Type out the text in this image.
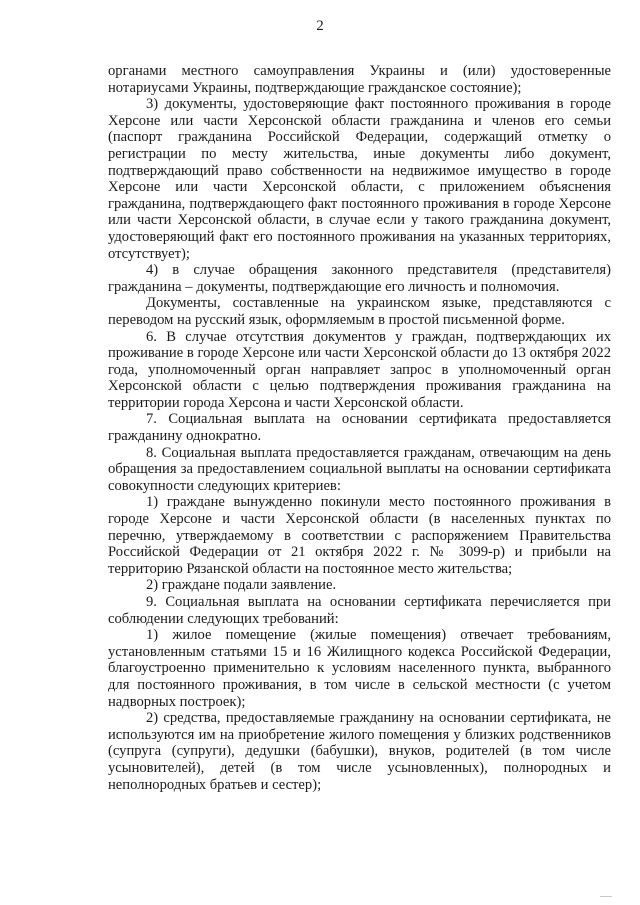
2

органами местного самоуправления Украины и (или) удостоверенные нотариусами Украины, подтверждающие гражданское состояние);

3) документы, удостоверяющие факт постоянного проживания в городе Херсоне или части Херсонской области гражданина и членов его семьи (паспорт гражданина Российской Федерации, содержащий отметку о регистрации по месту жительства, иные документы либо документ, подтверждающий право собственности на недвижимое имущество в городе Херсоне или части Херсонской области, с приложением объяснения гражданина, подтверждающего факт постоянного проживания в городе Херсоне или части Херсонской области, в случае если у такого гражданина документ, удостоверяющий факт его постоянного проживания на указанных территориях, отсутствует);

4) в случае обращения законного представителя (представителя) гражданина – документы, подтверждающие его личность и полномочия.

Документы, составленные на украинском языке, представляются с переводом на русский язык, оформляемым в простой письменной форме.

6. В случае отсутствия документов у граждан, подтверждающих их проживание в городе Херсоне или части Херсонской области до 13 октября 2022 года, уполномоченный орган направляет запрос в уполномоченный орган Херсонской области с целью подтверждения проживания гражданина на территории города Херсона и части Херсонской области.

7. Социальная выплата на основании сертификата предоставляется гражданину однократно.

8. Социальная выплата предоставляется гражданам, отвечающим на день обращения за предоставлением социальной выплаты на основании сертификата совокупности следующих критериев:

1) граждане вынужденно покинули место постоянного проживания в городе Херсоне и части Херсонской области (в населенных пунктах по перечню, утверждаемому в соответствии с распоряжением Правительства Российской Федерации от 21 октября 2022 г. № 3099-р) и прибыли на территорию Рязанской области на постоянное место жительства;

2) граждане подали заявление.

9. Социальная выплата на основании сертификата перечисляется при соблюдении следующих требований:

1) жилое помещение (жилые помещения) отвечает требованиям, установленным статьями 15 и 16 Жилищного кодекса Российской Федерации, благоустроенно применительно к условиям населенного пункта, выбранного для постоянного проживания, в том числе в сельской местности (с учетом надворных построек);

2) средства, предоставляемые гражданину на основании сертификата, не используются им на приобретение жилого помещения у близких родственников (супруга (супруги), дедушки (бабушки), внуков, родителей (в том числе усыновителей), детей (в том числе усыновленных), полнородных и неполнородных братьев и сестер);
